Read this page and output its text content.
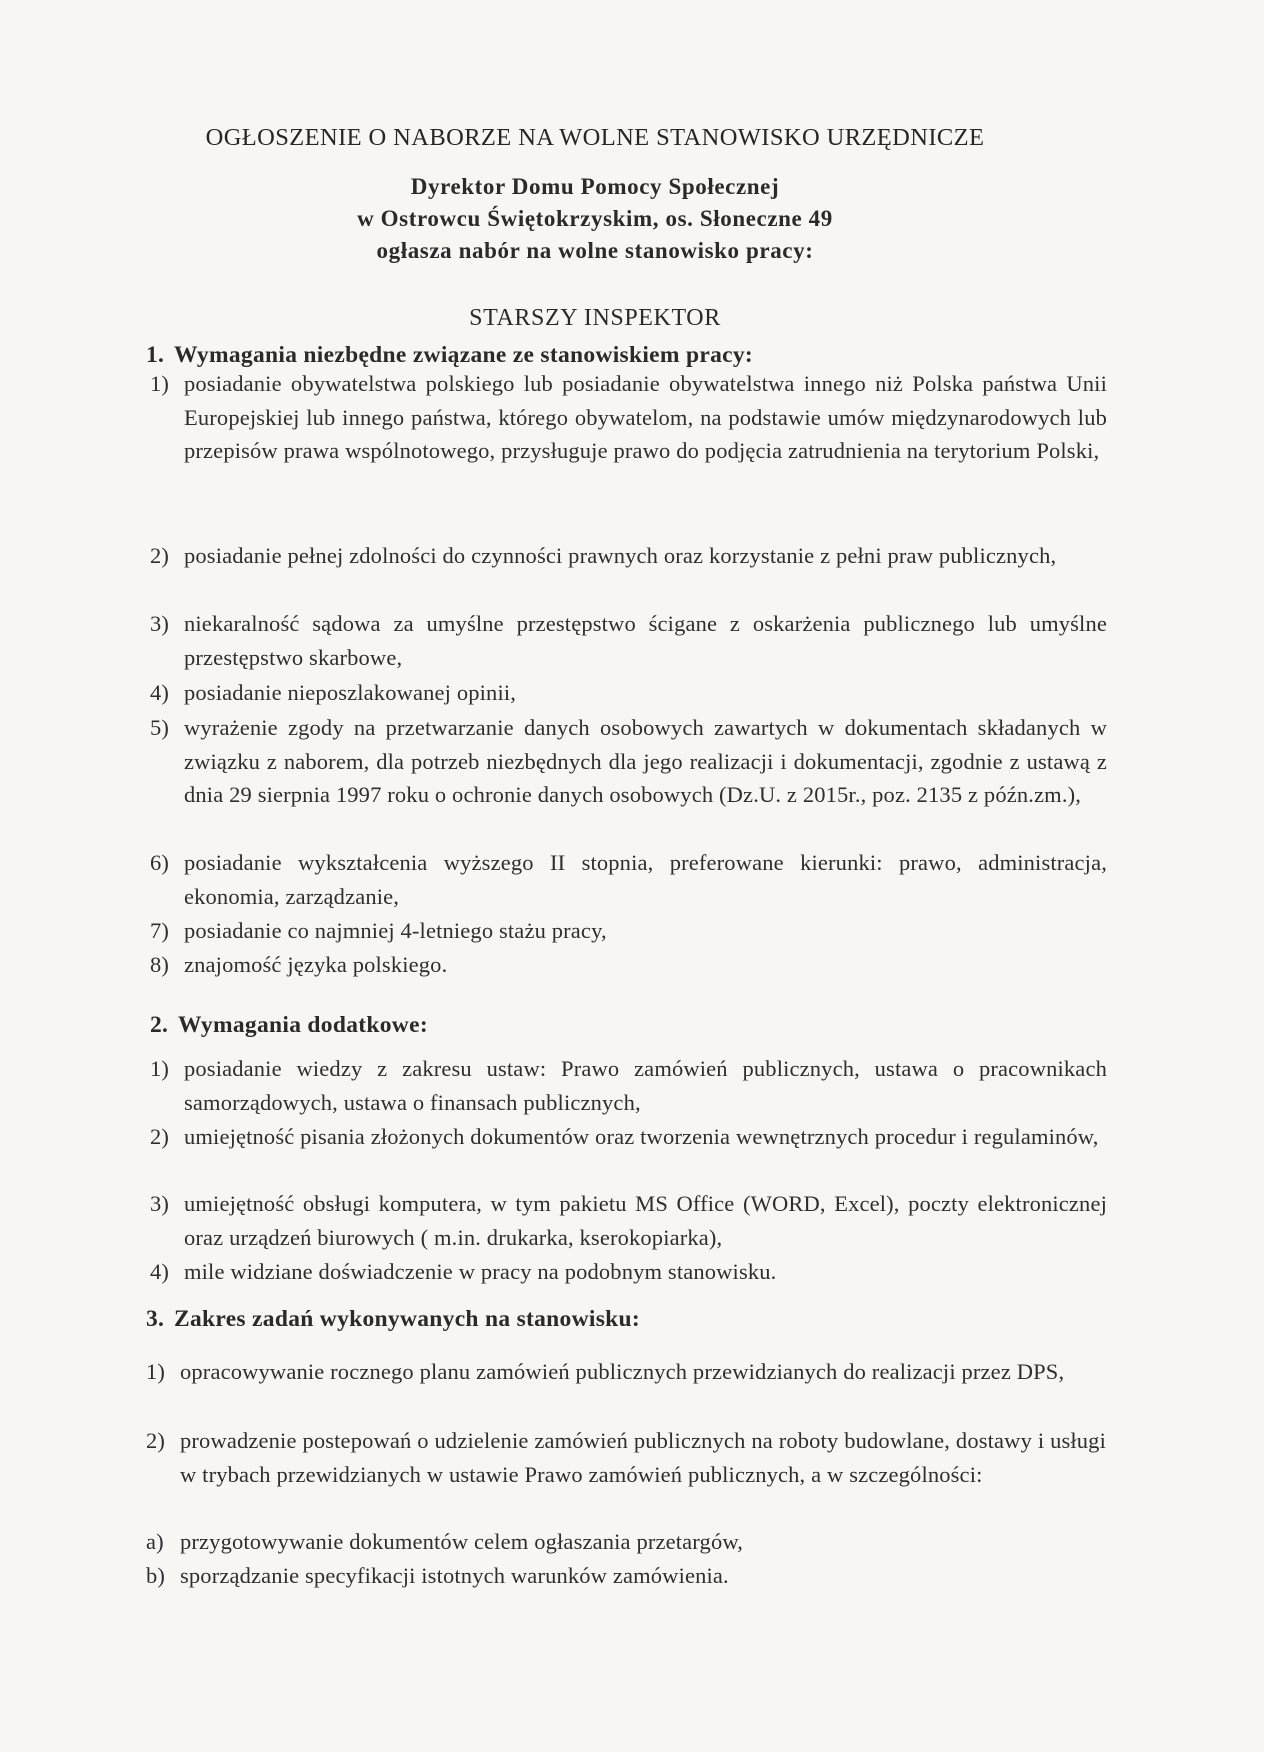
OGŁOSZENIE O NABORZE NA WOLNE STANOWISKO URZĘDNICZE
Dyrektor Domu Pomocy Społecznej
w Ostrowcu Świętokrzyskim, os. Słoneczne 49
ogłasza nabór na wolne stanowisko pracy:
STARSZY INSPEKTOR
1. Wymagania niezbędne związane ze stanowiskiem pracy:
1) posiadanie obywatelstwa polskiego lub posiadanie obywatelstwa innego niż Polska państwa Unii Europejskiej lub innego państwa, którego obywatelom, na podstawie umów międzynarodowych lub przepisów prawa wspólnotowego, przysługuje prawo do podjęcia zatrudnienia na terytorium Polski,
2) posiadanie pełnej zdolności do czynności prawnych oraz korzystanie z pełni praw publicznych,
3) niekaralność sądowa za umyślne przestępstwo ścigane z oskarżenia publicznego lub umyślne przestępstwo skarbowe,
4) posiadanie nieposzlakowanej opinii,
5) wyrażenie zgody na przetwarzanie danych osobowych zawartych w dokumentach składanych w związku z naborem, dla potrzeb niezbędnych dla jego realizacji i dokumentacji, zgodnie z ustawą z dnia 29 sierpnia 1997 roku o ochronie danych osobowych (Dz.U. z 2015r., poz. 2135 z późn.zm.),
6) posiadanie wykształcenia wyższego II stopnia, preferowane kierunki: prawo, administracja, ekonomia, zarządzanie,
7) posiadanie co najmniej 4-letniego stażu pracy,
8) znajomość języka polskiego.
2. Wymagania dodatkowe:
1) posiadanie wiedzy z zakresu ustaw: Prawo zamówień publicznych, ustawa o pracownikach samorządowych, ustawa o finansach publicznych,
2) umiejętność pisania złożonych dokumentów oraz tworzenia wewnętrznych procedur i regulaminów,
3) umiejętność obsługi komputera, w tym pakietu MS Office (WORD, Excel), poczty elektronicznej oraz urządzeń biurowych ( m.in. drukarka, kserokopiarka),
4) mile widziane doświadczenie w pracy na podobnym stanowisku.
3. Zakres zadań wykonywanych na stanowisku:
1) opracowywanie rocznego planu zamówień publicznych przewidzianych do realizacji przez DPS,
2) prowadzenie postepowań o udzielenie zamówień publicznych na roboty budowlane, dostawy i usługi w trybach przewidzianych w ustawie Prawo zamówień publicznych, a w szczególności:
a) przygotowywanie dokumentów celem ogłaszania przetargów,
b) sporządzanie specyfikacji istotnych warunków zamówienia.
